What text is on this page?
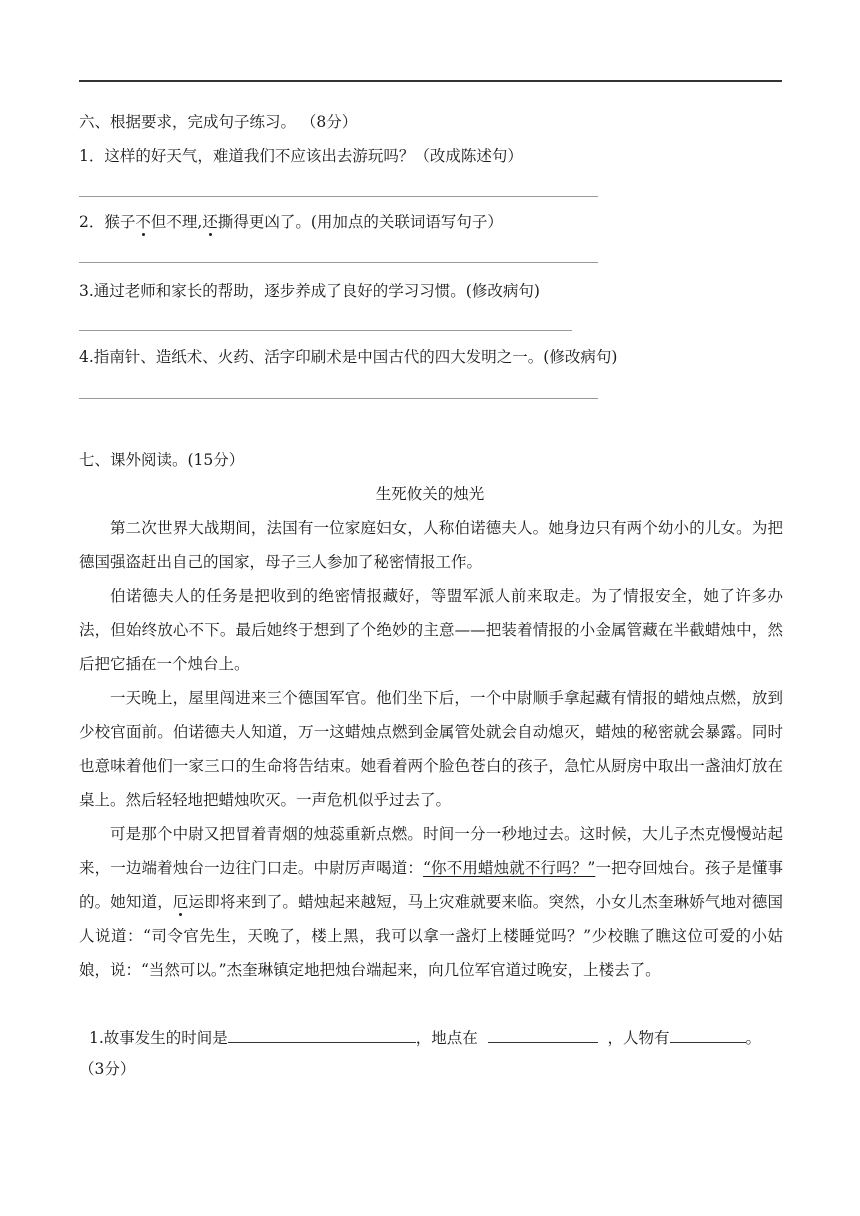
六、根据要求，完成句子练习。 （8分）
1．这样的好天气，难道我们不应该出去游玩吗？（改成陈述句）
2．猴子不但不理,还撕得更凶了。(用加点的关联词语写句子）
3.通过老师和家长的帮助，逐步养成了良好的学习习惯。(修改病句)
4.指南针、造纸术、火药、活字印刷术是中国古代的四大发明之一。(修改病句)
七、课外阅读。(15分）
生死攸关的烛光
第二次世界大战期间，法国有一位家庭妇女，人称伯诺德夫人。她身边只有两个幼小的儿女。为把德国强盗赶出自己的国家，母子三人参加了秘密情报工作。
伯诺德夫人的任务是把收到的绝密情报藏好，等盟军派人前来取走。为了情报安全，她了许多办法，但始终放心不下。最后她终于想到了个绝妙的主意——把装着情报的小金属管藏在半截蜡烛中，然后把它插在一个烛台上。
一天晚上，屋里闯进来三个德国军官。他们坐下后，一个中尉顺手拿起藏有情报的蜡烛点燃，放到少校官面前。伯诺德夫人知道，万一这蜡烛点燃到金属管处就会自动熄灭，蜡烛的秘密就会暴露。同时也意味着他们一家三口的生命将告结束。她看着两个脸色苍白的孩子，急忙从厨房中取出一盏油灯放在桌上。然后轻轻地把蜡烛吹灭。一声危机似乎过去了。
可是那个中尉又把冒着青烟的烛蕊重新点燃。时间一分一秒地过去。这时候，大儿子杰克慢慢站起来，一边端着烛台一边往门口走。中尉厉声喝道：“你不用蜡烛就不行吗？”一把夺回烛台。孩子是懂事的。她知道，厄运即将来到了。蜡烛起来越短，马上灾难就要来临。突然，小女儿杰奎琳娇气地对德国人说道：“司令官先生，天晚了，楼上黑，我可以拿一盏灯上楼睡觉吗？”少校瞧了瞧这位可爱的小姑娘，说：“当然可以。”杰奎琳镇定地把烛台端起来，向几位军官道过晚安，上楼去了。
1.故事发生的时间是	，地点在	，人物有	。
（3分）
